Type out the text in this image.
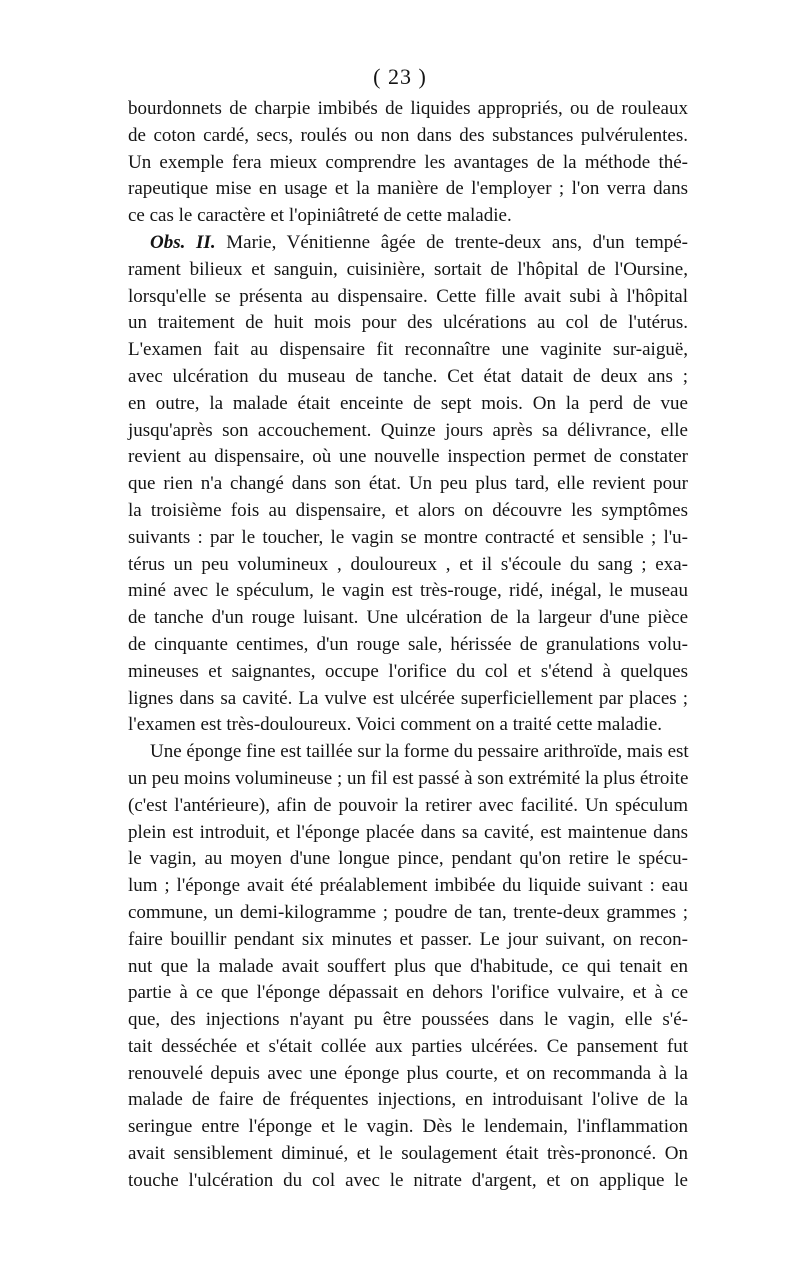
( 23 )
bourdonnets de charpie imbibés de liquides appropriés, ou de rouleaux
de coton cardé, secs, roulés ou non dans des substances pulvérulentes.
Un exemple fera mieux comprendre les avantages de la méthode thé-
rapeutique mise en usage et la manière de l'employer ; l'on verra dans
ce cas le caractère et l'opiniâtreté de cette maladie.
Obs. II. Marie, Vénitienne âgée de trente-deux ans, d'un tempé-
rament bilieux et sanguin, cuisinière, sortait de l'hôpital de l'Oursine,
lorsqu'elle se présenta au dispensaire. Cette fille avait subi à l'hôpital
un traitement de huit mois pour des ulcérations au col de l'utérus.
L'examen fait au dispensaire fit reconnaître une vaginite sur-aiguë,
avec ulcération du museau de tanche. Cet état datait de deux ans ;
en outre, la malade était enceinte de sept mois. On la perd de vue
jusqu'après son accouchement. Quinze jours après sa délivrance, elle
revient au dispensaire, où une nouvelle inspection permet de constater
que rien n'a changé dans son état. Un peu plus tard, elle revient pour
la troisième fois au dispensaire, et alors on découvre les symptômes
suivants : par le toucher, le vagin se montre contracté et sensible ; l'u-
térus un peu volumineux , douloureux , et il s'écoule du sang ; exa-
miné avec le spéculum, le vagin est très-rouge, ridé, inégal, le museau
de tanche d'un rouge luisant. Une ulcération de la largeur d'une pièce
de cinquante centimes, d'un rouge sale, hérissée de granulations volu-
mineuses et saignantes, occupe l'orifice du col et s'étend à quelques
lignes dans sa cavité. La vulve est ulcérée superficiellement par places ;
l'examen est très-douloureux. Voici comment on a traité cette maladie.
Une éponge fine est taillée sur la forme du pessaire arithroïde, mais est
un peu moins volumineuse ; un fil est passé à son extrémité la plus étroite
(c'est l'antérieure), afin de pouvoir la retirer avec facilité. Un spéculum
plein est introduit, et l'éponge placée dans sa cavité, est maintenue dans
le vagin, au moyen d'une longue pince, pendant qu'on retire le spécu-
lum ; l'éponge avait été préalablement imbibée du liquide suivant : eau
commune, un demi-kilogramme ; poudre de tan, trente-deux grammes ;
faire bouillir pendant six minutes et passer. Le jour suivant, on recon-
nut que la malade avait souffert plus que d'habitude, ce qui tenait en
partie à ce que l'éponge dépassait en dehors l'orifice vulvaire, et à ce
que, des injections n'ayant pu être poussées dans le vagin, elle s'é-
tait desséchée et s'était collée aux parties ulcérées. Ce pansement fut
renouvelé depuis avec une éponge plus courte, et on recommanda à la
malade de faire de fréquentes injections, en introduisant l'olive de la
seringue entre l'éponge et le vagin. Dès le lendemain, l'inflammation
avait sensiblement diminué, et le soulagement était très-prononcé. On
touche l'ulcération du col avec le nitrate d'argent, et on applique le
